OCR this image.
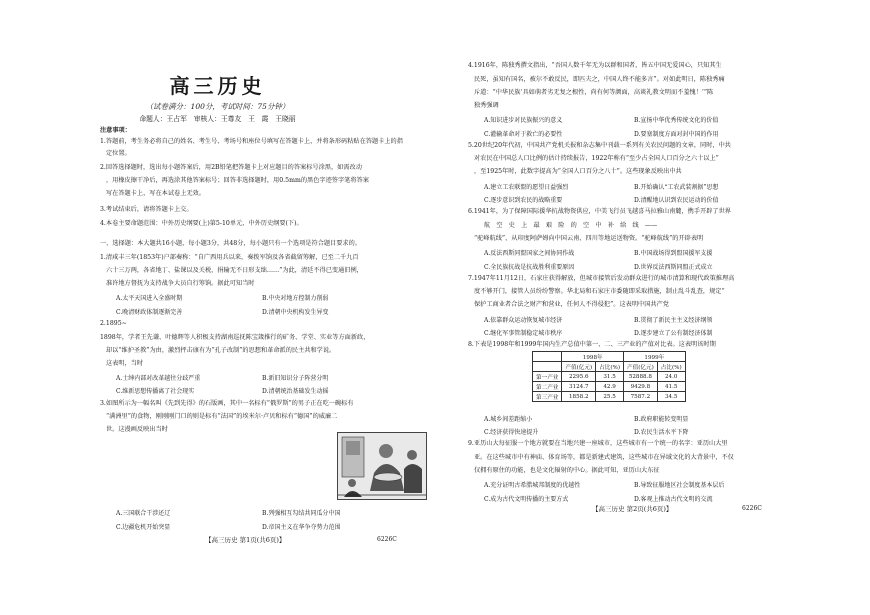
高三历史
（试卷满分：100分，考试时间：75分钟）
命题人：王占军　审核人：王尊友　王　霞　王晓丽
注意事项：
1.答题前，考生务必将自己的姓名、考生号、考场号和座位号填写在答题卡上，并将条形码粘贴在答题卡上的指
定位置。
2.回答选择题时，选出每小题答案后，用2B铅笔把答题卡上对应题目的答案标号涂黑，如需改动
，用橡皮擦干净后，再选涂其他答案标号；回答非选择题时，用0.5mm的黑色字迹签字笔将答案
写在答题卡上，写在本试卷上无效。
3.考试结束后，请将答题卡上交。
4.本卷主要命题范围：中外历史纲要(上)第5-10单元、中外历史纲要(下)。
一、选择题：本大题共16小题，每小题3分，共48分，每小题只有一个选项是符合题目要求的。
1.清咸丰三年(1853年)户部奏称：“自广西用兵以来，奏拨军饷及各省截留筹解，已至二千九百
六十三万两，各省地丁、盐课以及关税，捐输无不日形支绌……”为此，清廷不得已变通旧例，
准许地方督抚为支持战争大员自行筹饷。据此可知当时
A.太平天国进入全盛时期	B.中央对地方控制力削弱
C.晚清财政体制逐渐完善	D.清朝中央机构发生异变
2.1895~
1898年，学者王先谦、叶德辉等人积极支持湖南巡抚陈宝箴推行的矿务、学堂、实业等方面新政，
却以“维护圣教”为由，激烈抨击康有为“孔子改制”的思想和革命派的民主共和学说。
这表明，当时
A.士绅内部对改革越往分歧严重	B.新旧知识分子阵营分明
C.维新思想传播离了社会现实	D.清朝统治基础发生动摇
3.如图所示为一幅名叫《先到先得》的石版画，其中一名标有“俄罗斯”的男子正在吃一碗标有
“满洲里”的食物，刚刚刚门口的则是标有“法国”的埃米尔·卢贝和标有“德国”的威廉二
世。这漫画反映出当时
A.三国联合干涉还辽	B.列强相互勾结共同瓜分中国
C.边疆危机开始突显	D.帝国主义在华争夺势力范围
【高三历史 第1页(共6页)】	6226C
4.1916年，陈独秀撰文指出，“吾国人数千年无为以群和国者，皆五中国无爱国心，只知其生
民死，虽知有国名，被尔不敢反民，即匹夫之，中国人终不能多言”。对如此明日，陈独秀痛
斥道：“中华民族‘具如萌者劣无复之根性，尚有何等颜面，高谈礼教文明而不羞愧！’”陈
独秀强调
A.知识进步对民族振兴的意义	B.宣扬中华优秀传统文化的价值
C.灌输革命对于救亡的必要性	D.要塞制度方面对封中国的作用
5.20世纪20年代初，中国共产党机关报和杂志集中刊载一系列有关农民问题的文章，同时，中共
对农民在中国总人口比例的估计持续报告，1922年称有“至少占全国人口百分之六十以上”
，至1925年时，此数字提高为“全国人口百分之八十”。这些现象反映出中共
A.建立工农联盟的愿望日益强烈	B.开始确认“工农武装割据”思想
C.逐步意识到农民的战略重要	D.清醒地认识到农民运动的价值
6.1941年，为了保障国际援华抗战物资供应，中美飞行员飞越喜马拉雅山南麓，携手开辟了世界
航　空　史　上　最　艰　险　的　空　中　补　给　线　——
“驼峰航线”，从印度阿萨姆向中国云南、四川等地运送物资。“驼峰航线”的开辟表明
A.反法西斯同盟国家之间协同作战	B.中国战场得到盟国援军支援
C.全民族抗战是抗战胜利重要原因	D.世界反法西斯同盟正式成立
7.1947年11月12日，石家庄获得解放，但城市接管后发动群众进行的城市清算和现代政策推理高
度不够开门，接管人员纷纷警察。华北局和石家庄市委随即采取措施，制止乱斗乱查，规定“
保护工商业者合法之财产和营业，任何人不得侵犯”。这表明中国共产党
A.依靠群众运动恢复城市经济	B.贯彻了新民主主义经济纲领
C.继化军事管制稳定城市秩序	D.逐步建立了公有制经济体制
8.下表是1998年和1999年国内生产总值中第一、二、三产业的产值对比表。这表明该时期
	1998年		1999年	
	产值(亿元)	占比(%)	产值(亿元)	占比(%)
第一产业	2295.6	31.5	52888.8	24.0
第二产业	3124.7	42.9	9429.8	41.5
第三产业	1858.2	25.5	7587.2	34.5
A.城乡间差距缩小	B.政府职能转变明显
C.经济获得快速提升	D.农民生活水平下降
9.亚历山大每征服一个地方就要在当地兴建一座城市，这些城市有一个统一的名字：亚历山大里
亚。在这些城市中有神庙、体育场等，都是新建式建筑，这些城市在异域文化的大背景中，不仅
仅拥有原住的功能，也是文化辐射的中心。据此可知，亚历山大东征
A.充分证明古希腊城邦制度的优越性	B.导致征服地区社会制度基本层后
C.成为古代文明传播的主要方式	D.客观上推动古代文明的交流
【高三历史 第2页(共6页)】	6226C
